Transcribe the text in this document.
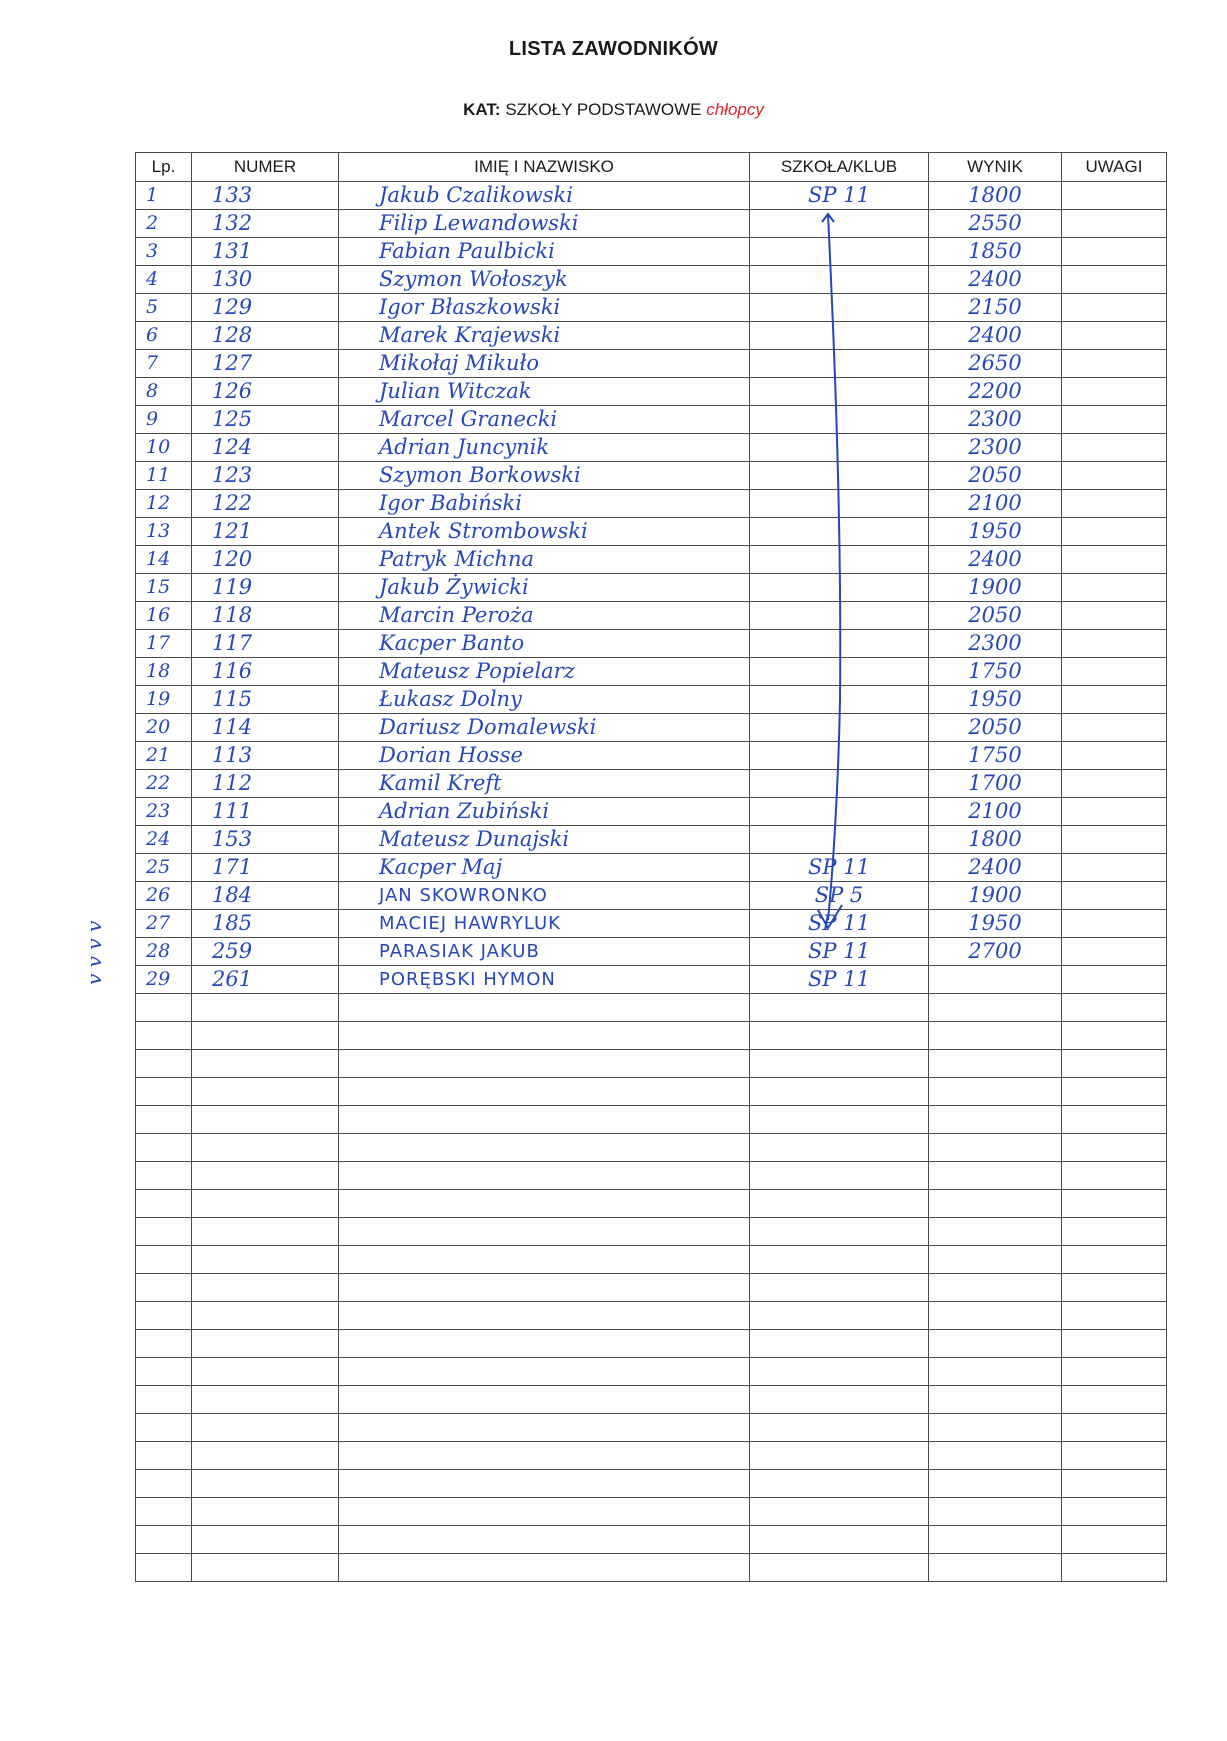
LISTA ZAWODNIKÓW
KAT: SZKOŁY PODSTAWOWE chłopcy
Lp.	NUMER	IMIĘ I NAZWISKO	SZKOŁA/KLUB	WYNIK	UWAGI

1	133	Jakub Czalikowski	SP 11	1800	

2	132	Filip Lewandowski		2550	

3	131	Fabian Paulbicki		1850	

4	130	Szymon Wołoszyk		2400	

5	129	Igor Błaszkowski		2150	

6	128	Marek Krajewski		2400	

7	127	Mikołaj Mikuło		2650	

8	126	Julian Witczak		2200	

9	125	Marcel Granecki		2300	

10	124	Adrian Juncynik		2300	

11	123	Szymon Borkowski		2050	

12	122	Igor Babiński		2100	

13	121	Antek Strombowski		1950	

14	120	Patryk Michna		2400	

15	119	Jakub Żywicki		1900	

16	118	Marcin Peroża		2050	

17	117	Kacper Banto		2300	

18	116	Mateusz Popielarz		1750	

19	115	Łukasz Dolny		1950	

20	114	Dariusz Domalewski		2050	

21	113	Dorian Hosse		1750	

22	112	Kamil Kreft		1700	

23	111	Adrian Zubiński		2100	

24	153	Mateusz Dunajski		1800	

25	171	Kacper Maj	SP 11	2400	

26	184	JAN SKOWRONKO	SP 5	1900	

27	185	MACIEJ HAWRYLUK	SP 11	1950	

28	259	PARASIAK JAKUB	SP 11	2700	

29	261	PORĘBSKI HYMON	SP 11		

v v v v
